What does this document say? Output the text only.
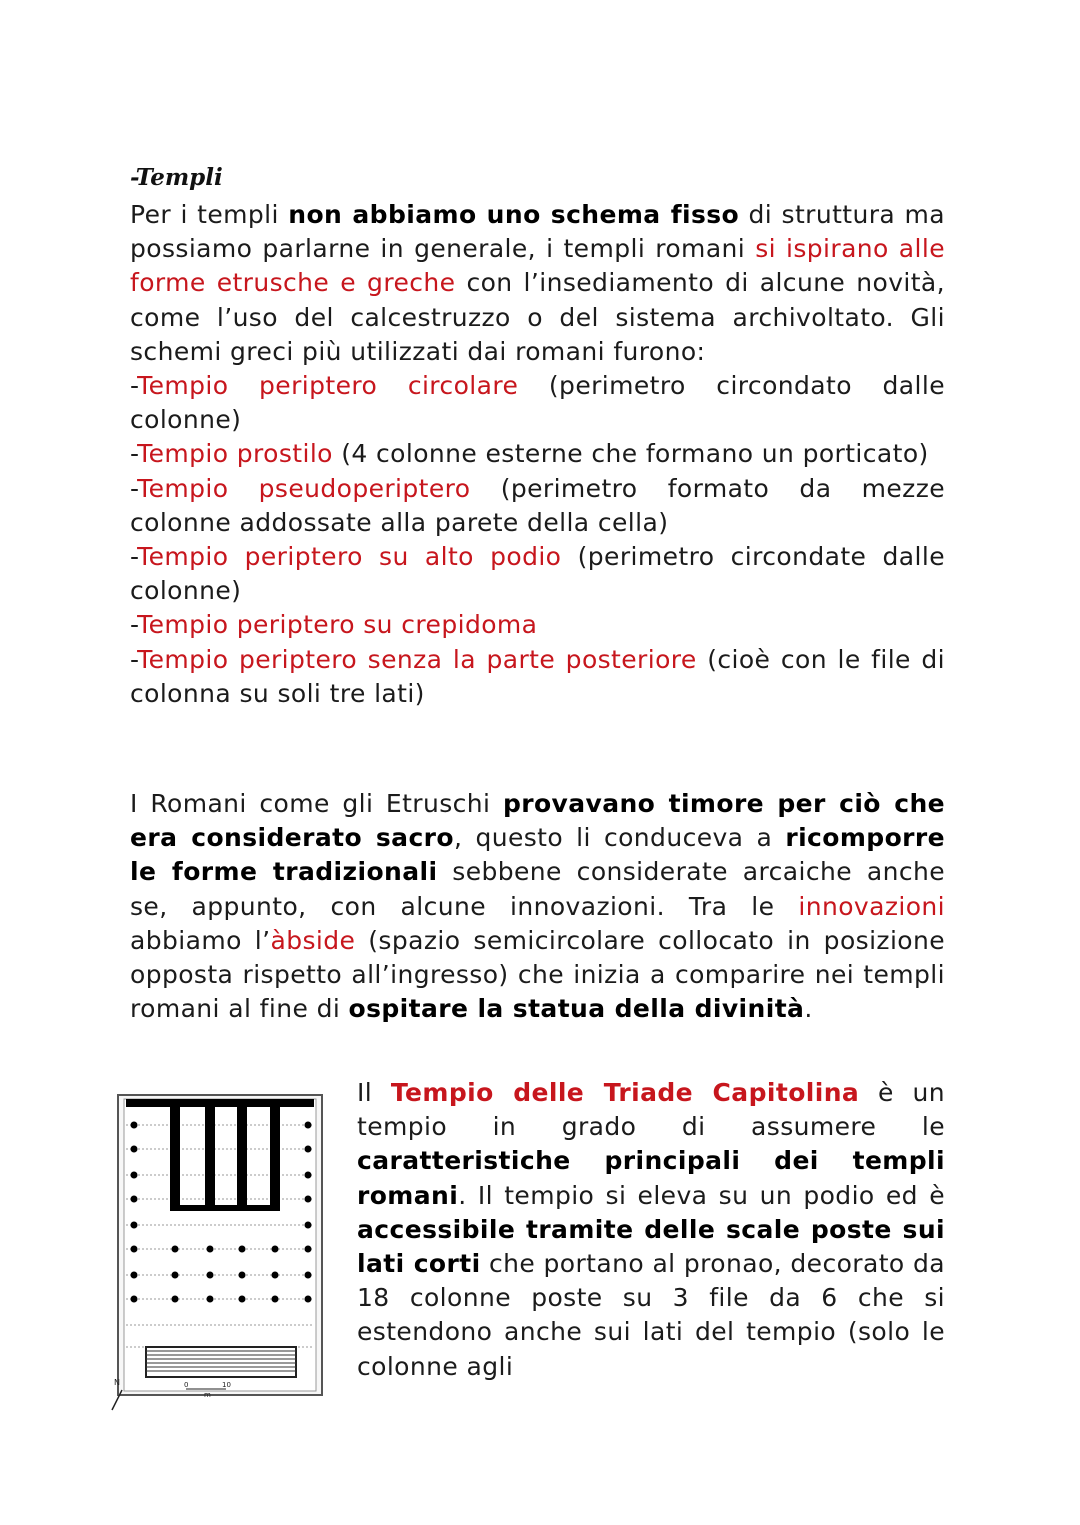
-Templi
Per i templi non abbiamo uno schema fisso di struttura ma possiamo parlarne in generale, i templi romani si ispirano alle forme etrusche e greche con l’insediamento di alcune novità, come l’uso del calcestruzzo o del sistema archivoltato. Gli schemi greci più utilizzati dai romani furono:
-Tempio periptero circolare (perimetro circondato dalle colonne)
-Tempio prostilo (4 colonne esterne che formano un porticato)
-Tempio pseudoperiptero (perimetro formato da mezze colonne addossate alla parete della cella)
-Tempio periptero su alto podio (perimetro circondate dalle colonne)
-Tempio periptero su crepidoma
-Tempio periptero senza la parte posteriore (cioè con le file di colonna su soli tre lati)
I Romani come gli Etruschi provavano timore per ciò che era considerato sacro, questo li conduceva a ricomporre le forme tradizionali sebbene considerate arcaiche anche se, appunto, con alcune innovazioni. Tra le innovazioni abbiamo l’àbside (spazio semicircolare collocato in posizione opposta rispetto all’ingresso) che inizia a comparire nei templi romani al fine di ospitare la statua della divinità.
N	0	10
m
Il Tempio delle Triade Capitolina è un tempio in grado di assumere le caratteristiche principali dei templi romani. Il tempio si eleva su un podio ed è accessibile tramite delle scale poste sui lati corti che portano al pronao, decorato da 18 colonne poste su 3 file da 6 che si estendono anche sui lati del tempio (solo le colonne agli
